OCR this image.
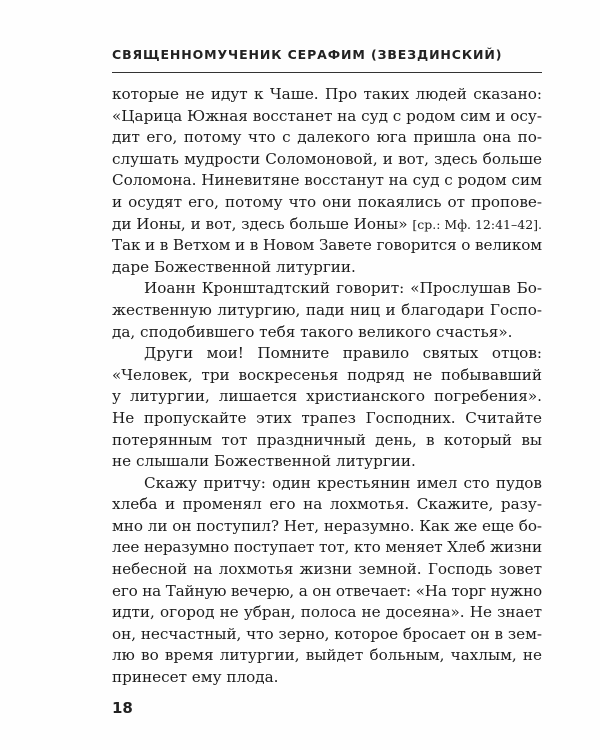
СВЯЩЕННОМУЧЕНИК СЕРАФИМ (ЗВЕЗДИНСКИЙ)
которые не идут к Чаше. Про таких людей сказано:
«Царица Южная восстанет на суд с родом сим и осу-
дит его, потому что с далекого юга пришла она по-
слушать мудрости Соломоновой, и вот, здесь больше
Соломона. Ниневитяне восстанут на суд с родом сим
и осудят его, потому что они покаялись от пропове-
ди Ионы, и вот, здесь больше Ионы» [ср.: Мф. 12:41–42].
Так и в Ветхом и в Новом Завете говорится о великом
даре Божественной литургии.
Иоанн Кронштадтский говорит: «Прослушав Бо-
жественную литургию, пади ниц и благодари Госпо-
да, сподобившего тебя такого великого счастья».
Други мои! Помните правило святых отцов:
«Человек, три воскресенья подряд не побывавший
у литургии, лишается христианского погребения».
Не пропускайте этих трапез Господних. Считайте
потерянным тот праздничный день, в который вы
не слышали Божественной литургии.
Скажу притчу: один крестьянин имел сто пудов
хлеба и променял его на лохмотья. Скажите, разу-
мно ли он поступил? Нет, неразумно. Как же еще бо-
лее неразумно поступает тот, кто меняет Хлеб жизни
небесной на лохмотья жизни земной. Господь зовет
его на Тайную вечерю, а он отвечает: «На торг нужно
идти, огород не убран, полоса не досеяна». Не знает
он, несчастный, что зерно, которое бросает он в зем-
лю во время литургии, выйдет больным, чахлым, не
принесет ему плода.
18
